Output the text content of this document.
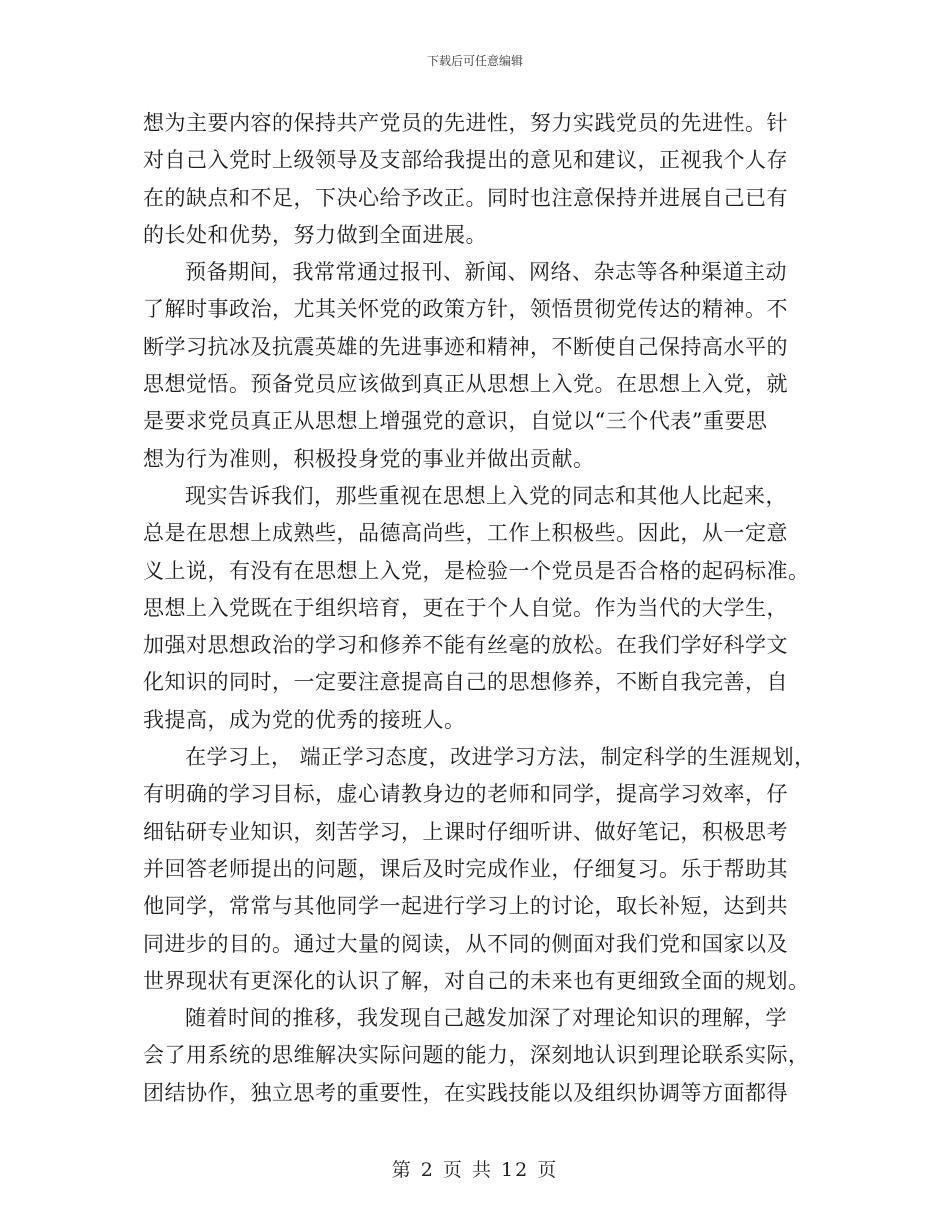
下载后可任意编辑
想为主要内容的保持共产党员的先进性，努力实践党员的先进性。针
对自己入党时上级领导及支部给我提出的意见和建议，正视我个人存
在的缺点和不足，下决心给予改正。同时也注意保持并进展自己已有
的长处和优势，努力做到全面进展。
预备期间，我常常通过报刊、新闻、网络、杂志等各种渠道主动
了解时事政治，尤其关怀党的政策方针，领悟贯彻党传达的精神。不
断学习抗冰及抗震英雄的先进事迹和精神，不断使自己保持高水平的
思想觉悟。预备党员应该做到真正从思想上入党。在思想上入党，就
是要求党员真正从思想上增强党的意识，自觉以“三个代表”重要思
想为行为准则，积极投身党的事业并做出贡献。
现实告诉我们，那些重视在思想上入党的同志和其他人比起来，
总是在思想上成熟些，品德高尚些，工作上积极些。因此，从一定意
义上说，有没有在思想上入党，是检验一个党员是否合格的起码标准。
思想上入党既在于组织培育，更在于个人自觉。作为当代的大学生，
加强对思想政治的学习和修养不能有丝毫的放松。在我们学好科学文
化知识的同时，一定要注意提高自己的思想修养，不断自我完善，自
我提高，成为党的优秀的接班人。
在学习上， 端正学习态度，改进学习方法，制定科学的生涯规划，
有明确的学习目标，虚心请教身边的老师和同学，提高学习效率，仔
细钻研专业知识，刻苦学习，上课时仔细听讲、做好笔记，积极思考
并回答老师提出的问题，课后及时完成作业，仔细复习。乐于帮助其
他同学，常常与其他同学一起进行学习上的讨论，取长补短，达到共
同进步的目的。通过大量的阅读，从不同的侧面对我们党和国家以及
世界现状有更深化的认识了解，对自己的未来也有更细致全面的规划。
随着时间的推移，我发现自己越发加深了对理论知识的理解，学
会了用系统的思维解决实际问题的能力，深刻地认识到理论联系实际，
团结协作，独立思考的重要性，在实践技能以及组织协调等方面都得
第 2 页 共 12 页
